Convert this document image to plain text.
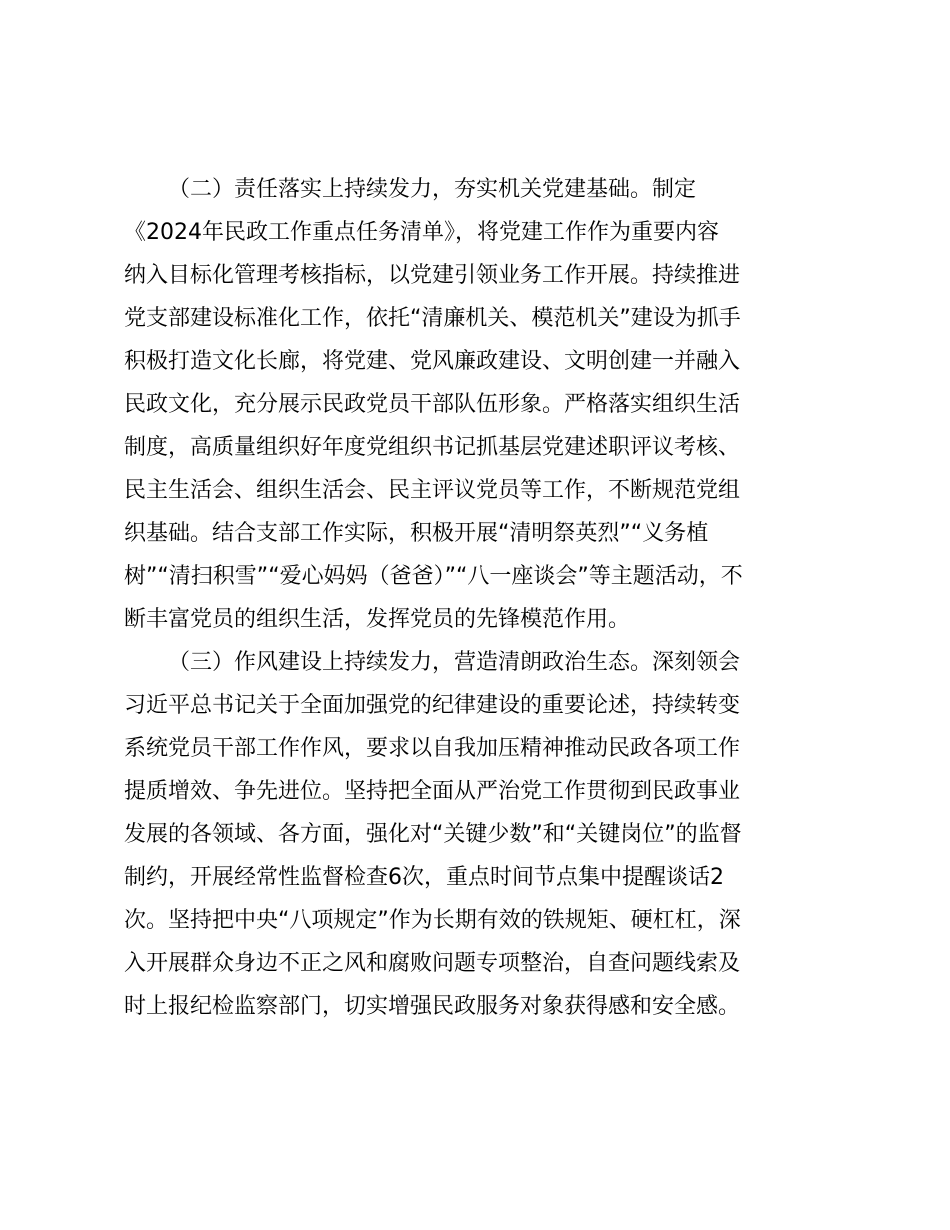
（二）责任落实上持续发力，夯实机关党建基础。制定
《2024年民政工作重点任务清单》，将党建工作作为重要内容
纳入目标化管理考核指标，以党建引领业务工作开展。持续推进
党支部建设标准化工作，依托“清廉机关、模范机关”建设为抓手
积极打造文化长廊，将党建、党风廉政建设、文明创建一并融入
民政文化，充分展示民政党员干部队伍形象。严格落实组织生活
制度，高质量组织好年度党组织书记抓基层党建述职评议考核、
民主生活会、组织生活会、民主评议党员等工作，不断规范党组
织基础。结合支部工作实际，积极开展“清明祭英烈”“义务植
树”“清扫积雪”“爱心妈妈（爸爸）”“八一座谈会”等主题活动，不
断丰富党员的组织生活，发挥党员的先锋模范作用。
（三）作风建设上持续发力，营造清朗政治生态。深刻领会
习近平总书记关于全面加强党的纪律建设的重要论述，持续转变
系统党员干部工作作风，要求以自我加压精神推动民政各项工作
提质增效、争先进位。坚持把全面从严治党工作贯彻到民政事业
发展的各领域、各方面，强化对“关键少数”和“关键岗位”的监督
制约，开展经常性监督检查6次，重点时间节点集中提醒谈话2
次。坚持把中央“八项规定”作为长期有效的铁规矩、硬杠杠，深
入开展群众身边不正之风和腐败问题专项整治，自查问题线索及
时上报纪检监察部门，切实增强民政服务对象获得感和安全感。
